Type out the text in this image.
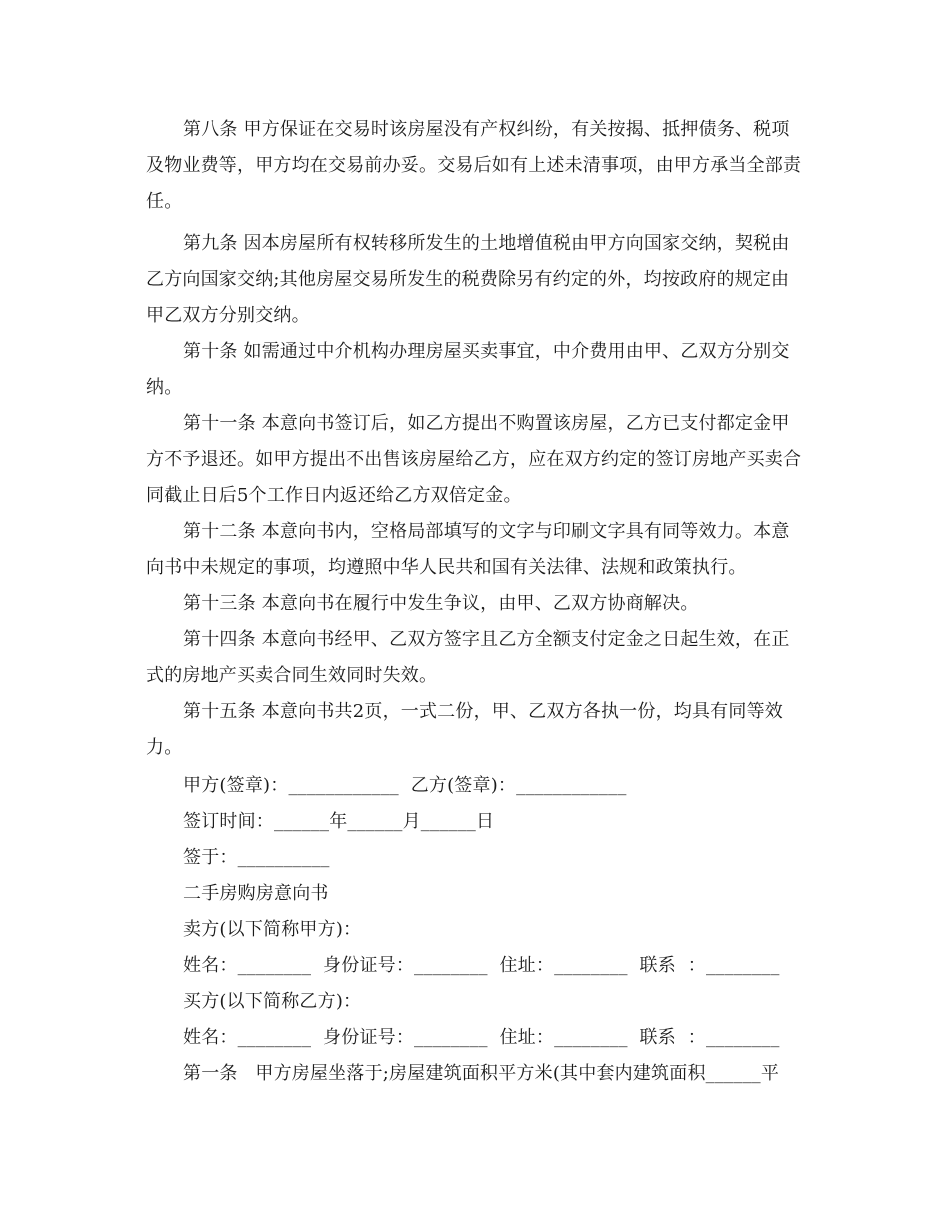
第八条 甲方保证在交易时该房屋没有产权纠纷，有关按揭、抵押债务、税项及物业费等，甲方均在交易前办妥。交易后如有上述未清事项，由甲方承当全部责任。
第九条 因本房屋所有权转移所发生的土地增值税由甲方向国家交纳，契税由乙方向国家交纳;其他房屋交易所发生的税费除另有约定的外，均按政府的规定由甲乙双方分别交纳。
第十条 如需通过中介机构办理房屋买卖事宜，中介费用由甲、乙双方分别交纳。
第十一条 本意向书签订后，如乙方提出不购置该房屋，乙方已支付都定金甲方不予退还。如甲方提出不出售该房屋给乙方，应在双方约定的签订房地产买卖合同截止日后5个工作日内返还给乙方双倍定金。
第十二条 本意向书内，空格局部填写的文字与印刷文字具有同等效力。本意向书中未规定的事项，均遵照中华人民共和国有关法律、法规和政策执行。
第十三条 本意向书在履行中发生争议，由甲、乙双方协商解决。
第十四条 本意向书经甲、乙双方签字且乙方全额支付定金之日起生效，在正式的房地产买卖合同生效同时失效。
第十五条 本意向书共2页，一式二份，甲、乙双方各执一份，均具有同等效力。
甲方(签章)：____________  乙方(签章)：____________
签订时间：______年______月______日
签于：__________
二手房购房意向书
卖方(以下简称甲方)：
姓名：________  身份证号：________  住址：________  联系  ：________
买方(以下简称乙方)：
姓名：________  身份证号：________  住址：________  联系  ：________
第一条   甲方房屋坐落于;房屋建筑面积平方米(其中套内建筑面积______平
